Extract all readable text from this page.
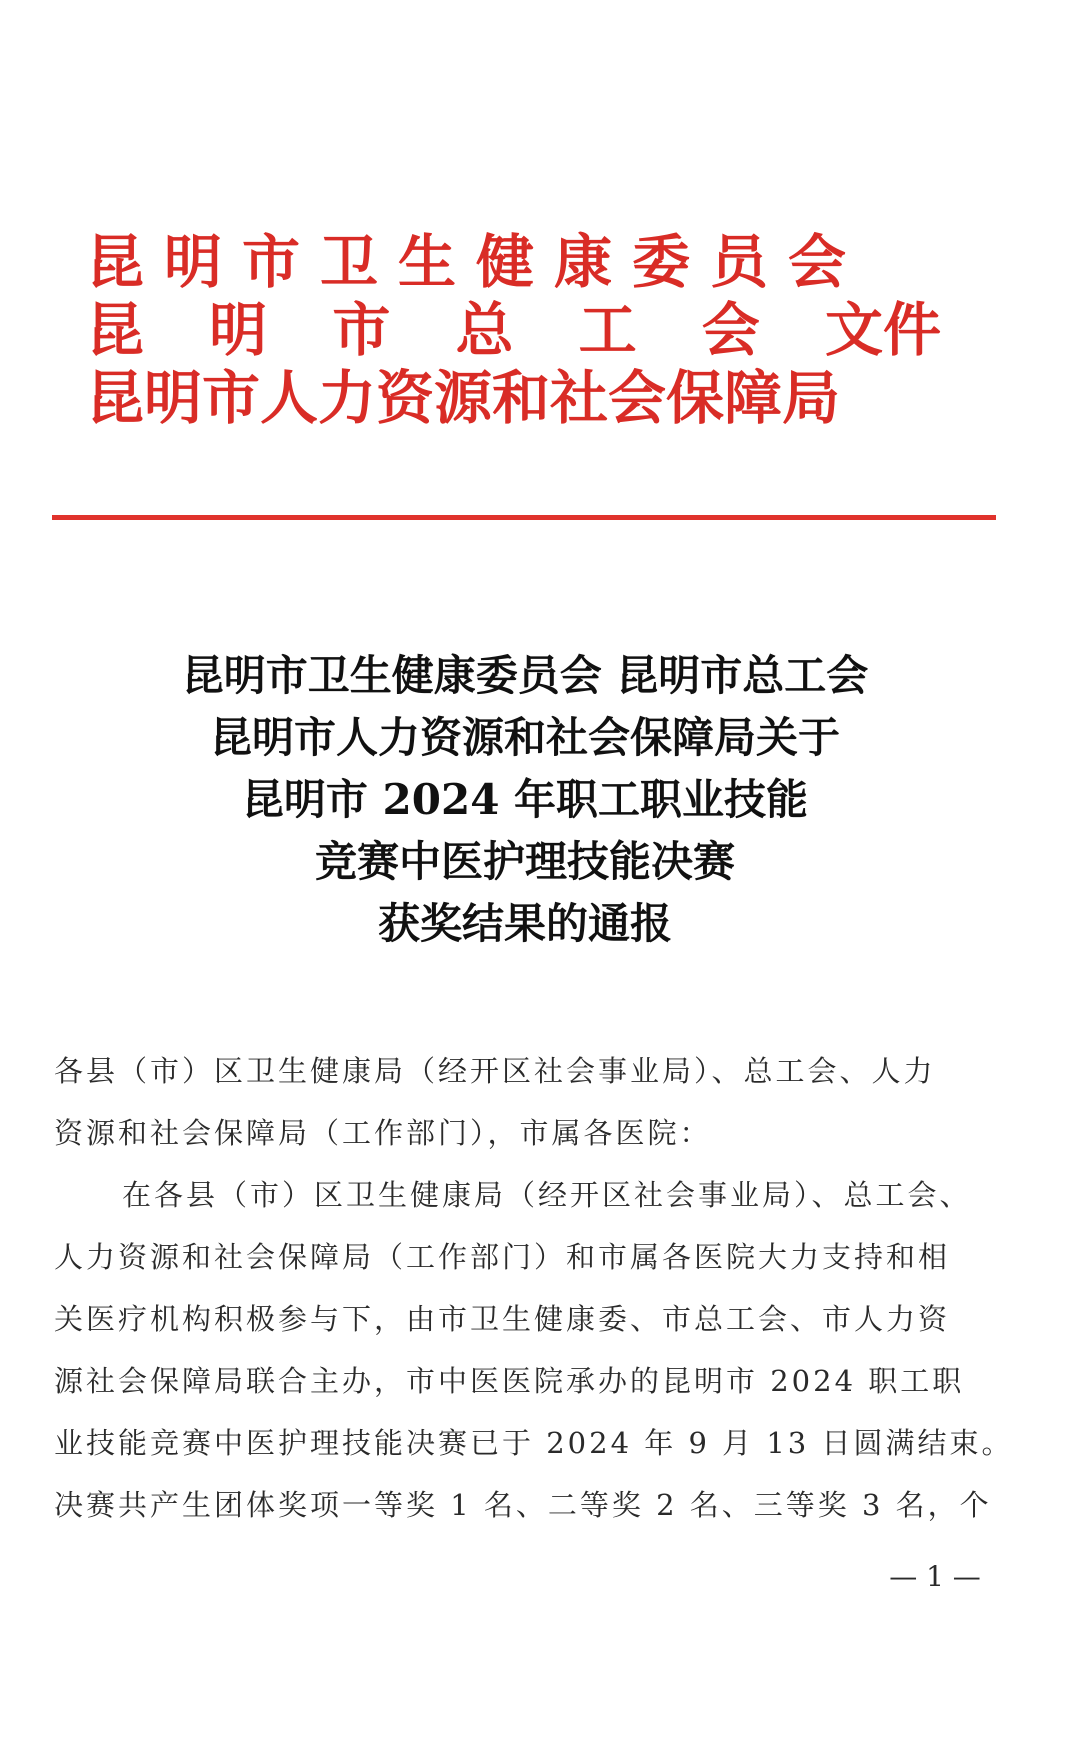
昆明市卫生健康委员会
昆 明 市 总 工 会 文件
昆明市人力资源和社会保障局
昆明市卫生健康委员会 昆明市总工会
昆明市人力资源和社会保障局关于
昆明市 2024 年职工职业技能
竞赛中医护理技能决赛
获奖结果的通报
各县（市）区卫生健康局（经开区社会事业局）、总工会、人力
资源和社会保障局（工作部门），市属各医院：
在各县（市）区卫生健康局（经开区社会事业局）、总工会、
人力资源和社会保障局（工作部门）和市属各医院大力支持和相
关医疗机构积极参与下，由市卫生健康委、市总工会、市人力资
源社会保障局联合主办，市中医医院承办的昆明市 2024 职工职
业技能竞赛中医护理技能决赛已于 2024 年 9 月 13 日圆满结束。
决赛共产生团体奖项一等奖 1 名、二等奖 2 名、三等奖 3 名，个
— 1 —
